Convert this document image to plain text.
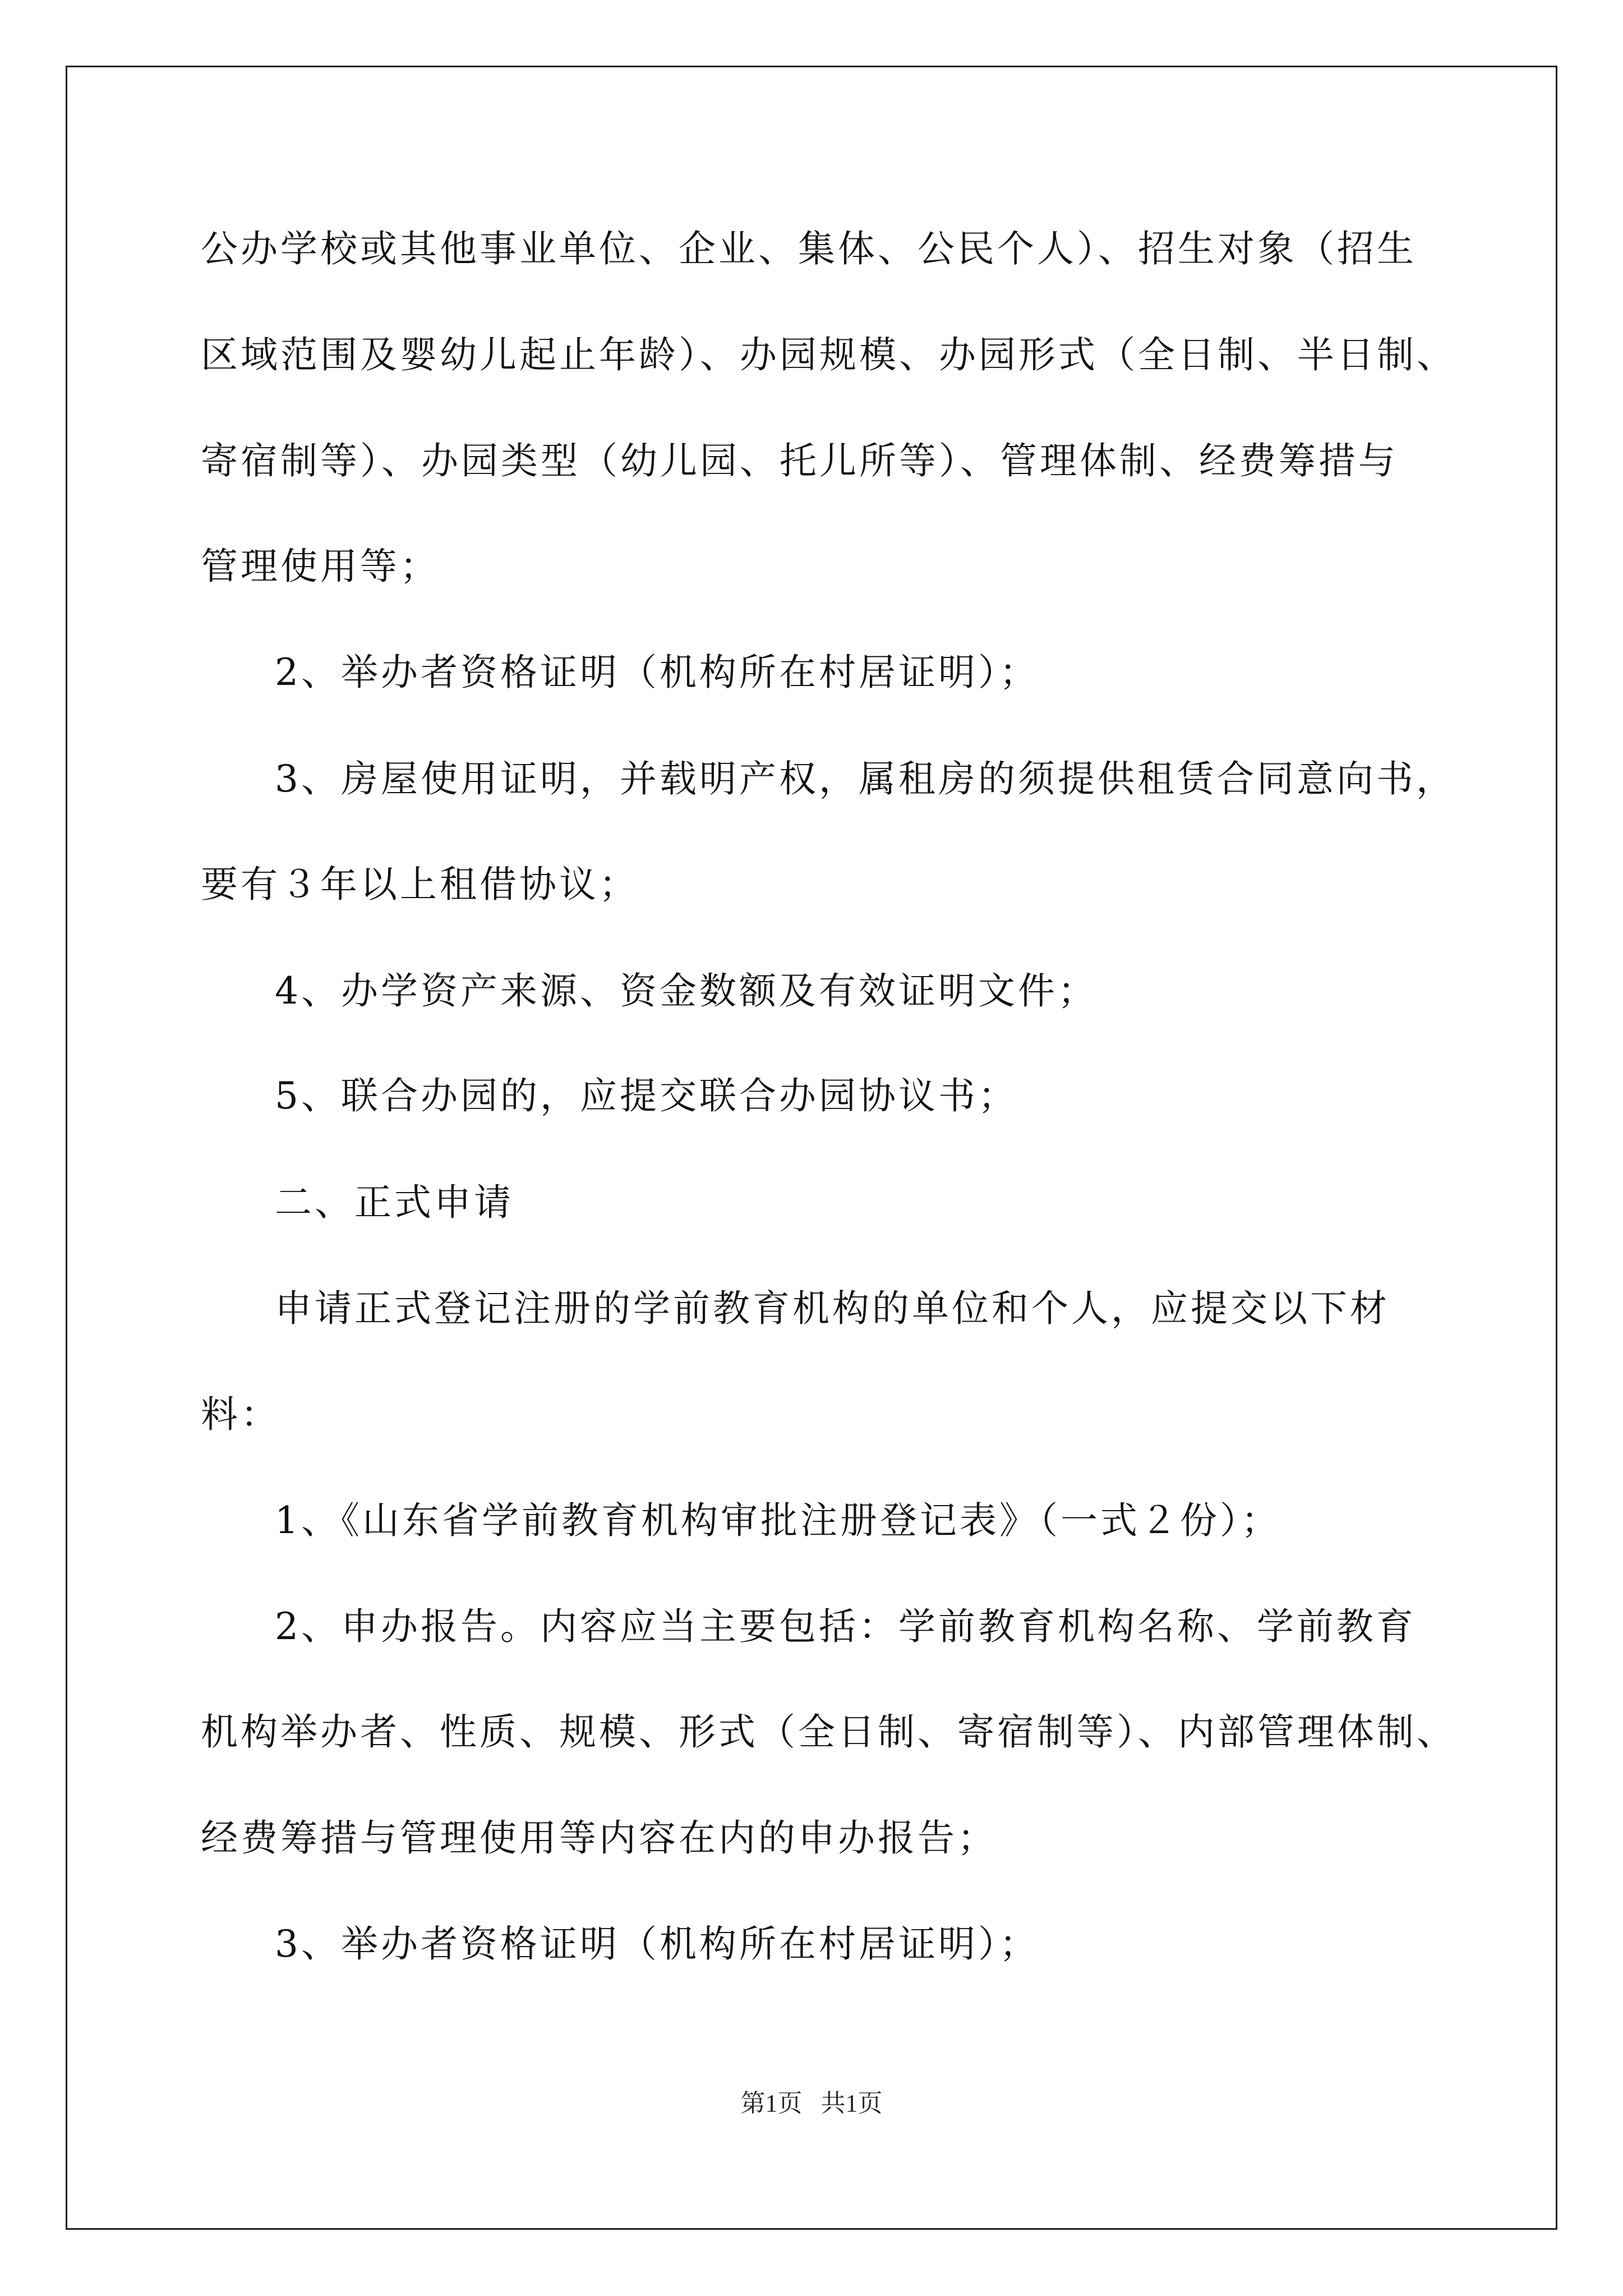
公办学校或其他事业单位、企业、集体、公民个人）、招生对象（招生
区域范围及婴幼儿起止年龄）、办园规模、办园形式（全日制、半日制、
寄宿制等）、办园类型（幼儿园、托儿所等）、管理体制、经费筹措与
管理使用等；
2、举办者资格证明（机构所在村居证明）；
3、房屋使用证明，并载明产权，属租房的须提供租赁合同意向书，
要有３年以上租借协议；
4、办学资产来源、资金数额及有效证明文件；
5、联合办园的，应提交联合办园协议书；
二、正式申请
申请正式登记注册的学前教育机构的单位和个人，应提交以下材
料：
1、《山东省学前教育机构审批注册登记表》（一式２份）；
2、申办报告。内容应当主要包括：学前教育机构名称、学前教育
机构举办者、性质、规模、形式（全日制、寄宿制等）、内部管理体制、
经费筹措与管理使用等内容在内的申办报告；
3、举办者资格证明（机构所在村居证明）；
第1页   共1页
